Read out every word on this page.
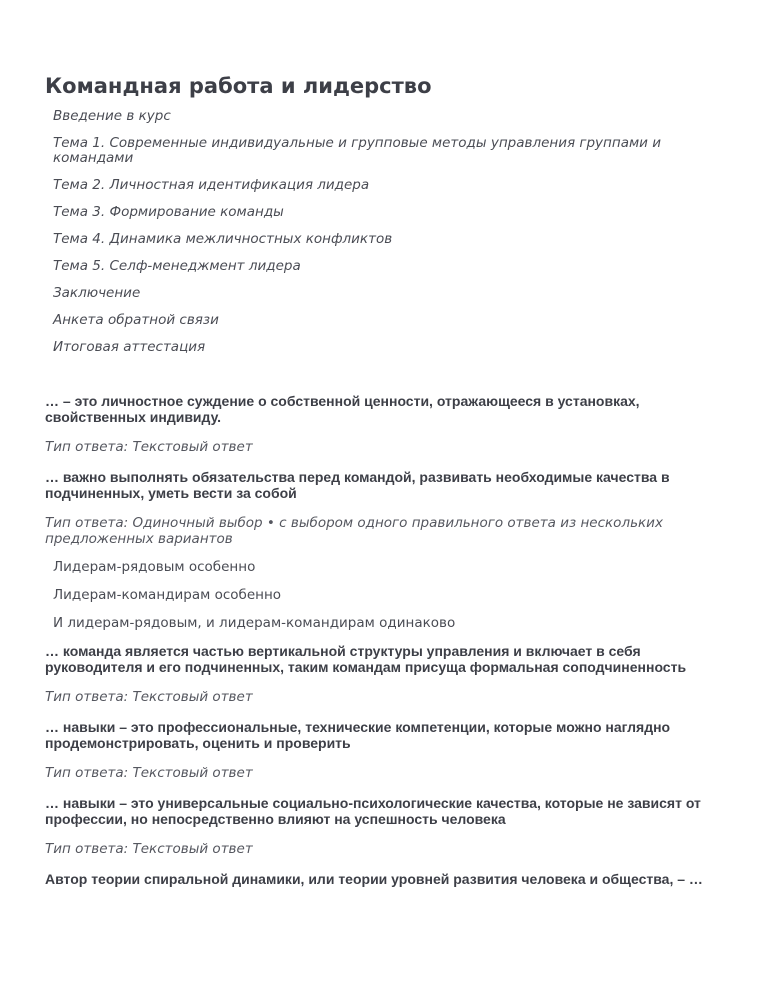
Командная работа и лидерство
Введение в курс
Тема 1. Современные индивидуальные и групповые методы управления группами и командами
Тема 2. Личностная идентификация лидера
Тема 3. Формирование команды
Тема 4. Динамика межличностных конфликтов
Тема 5. Селф-менеджмент лидера
Заключение
Анкета обратной связи
Итоговая аттестация

… – это личностное суждение о собственной ценности, отражающееся в установках, свойственных индивиду.

Тип ответа: Текстовый ответ

… важно выполнять обязательства перед командой, развивать необходимые качества в подчиненных, уметь вести за собой

Тип ответа: Одиночный выбор • с выбором одного правильного ответа из нескольких предложенных вариантов

Лидерам-рядовым особенно
Лидерам-командирам особенно
И лидерам-рядовым, и лидерам-командирам одинаково

… команда является частью вертикальной структуры управления и включает в себя руководителя и его подчиненных, таким командам присуща формальная соподчиненность

Тип ответа: Текстовый ответ

… навыки – это профессиональные, технические компетенции, которые можно наглядно продемонстрировать, оценить и проверить

Тип ответа: Текстовый ответ

… навыки – это универсальные социально-психологические качества, которые не зависят от профессии, но непосредственно влияют на успешность человека

Тип ответа: Текстовый ответ

Автор теории спиральной динамики, или теории уровней развития человека и общества, – …
